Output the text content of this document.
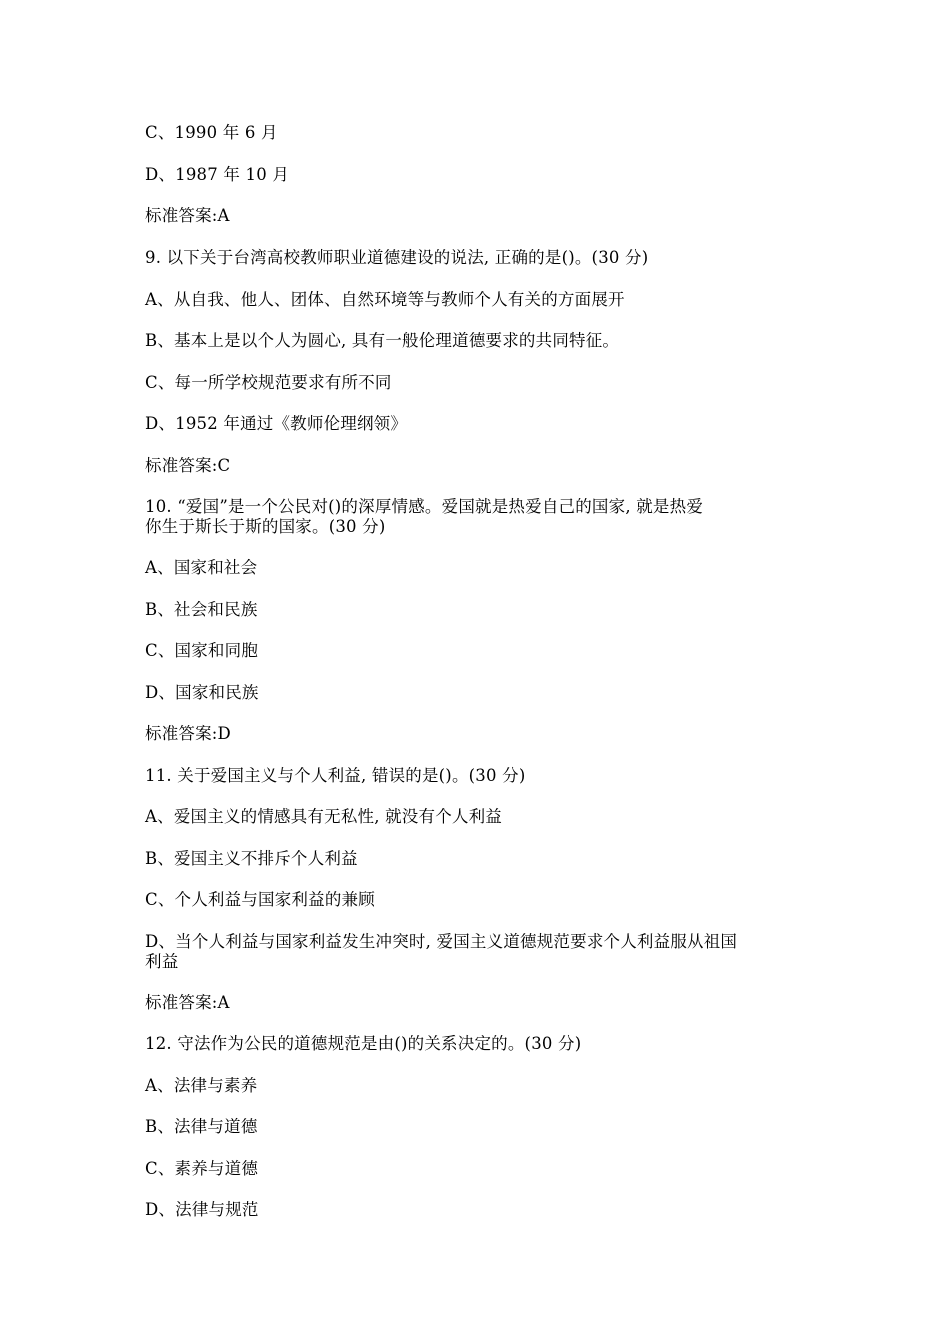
C、1990 年 6 月
D、1987 年 10 月
标准答案:A
9. 以下关于台湾高校教师职业道德建设的说法, 正确的是()。(30 分)
A、从自我、他人、团体、自然环境等与教师个人有关的方面展开
B、基本上是以个人为圆心, 具有一般伦理道德要求的共同特征。
C、每一所学校规范要求有所不同
D、1952 年通过《教师伦理纲领》
标准答案:C
10. “爱国”是一个公民对()的深厚情感。爱国就是热爱自己的国家, 就是热爱
你生于斯长于斯的国家。(30 分)
A、国家和社会
B、社会和民族
C、国家和同胞
D、国家和民族
标准答案:D
11. 关于爱国主义与个人利益, 错误的是()。(30 分)
A、爱国主义的情感具有无私性, 就没有个人利益
B、爱国主义不排斥个人利益
C、个人利益与国家利益的兼顾
D、当个人利益与国家利益发生冲突时, 爱国主义道德规范要求个人利益服从祖国
利益
标准答案:A
12. 守法作为公民的道德规范是由()的关系决定的。(30 分)
A、法律与素养
B、法律与道德
C、素养与道德
D、法律与规范
